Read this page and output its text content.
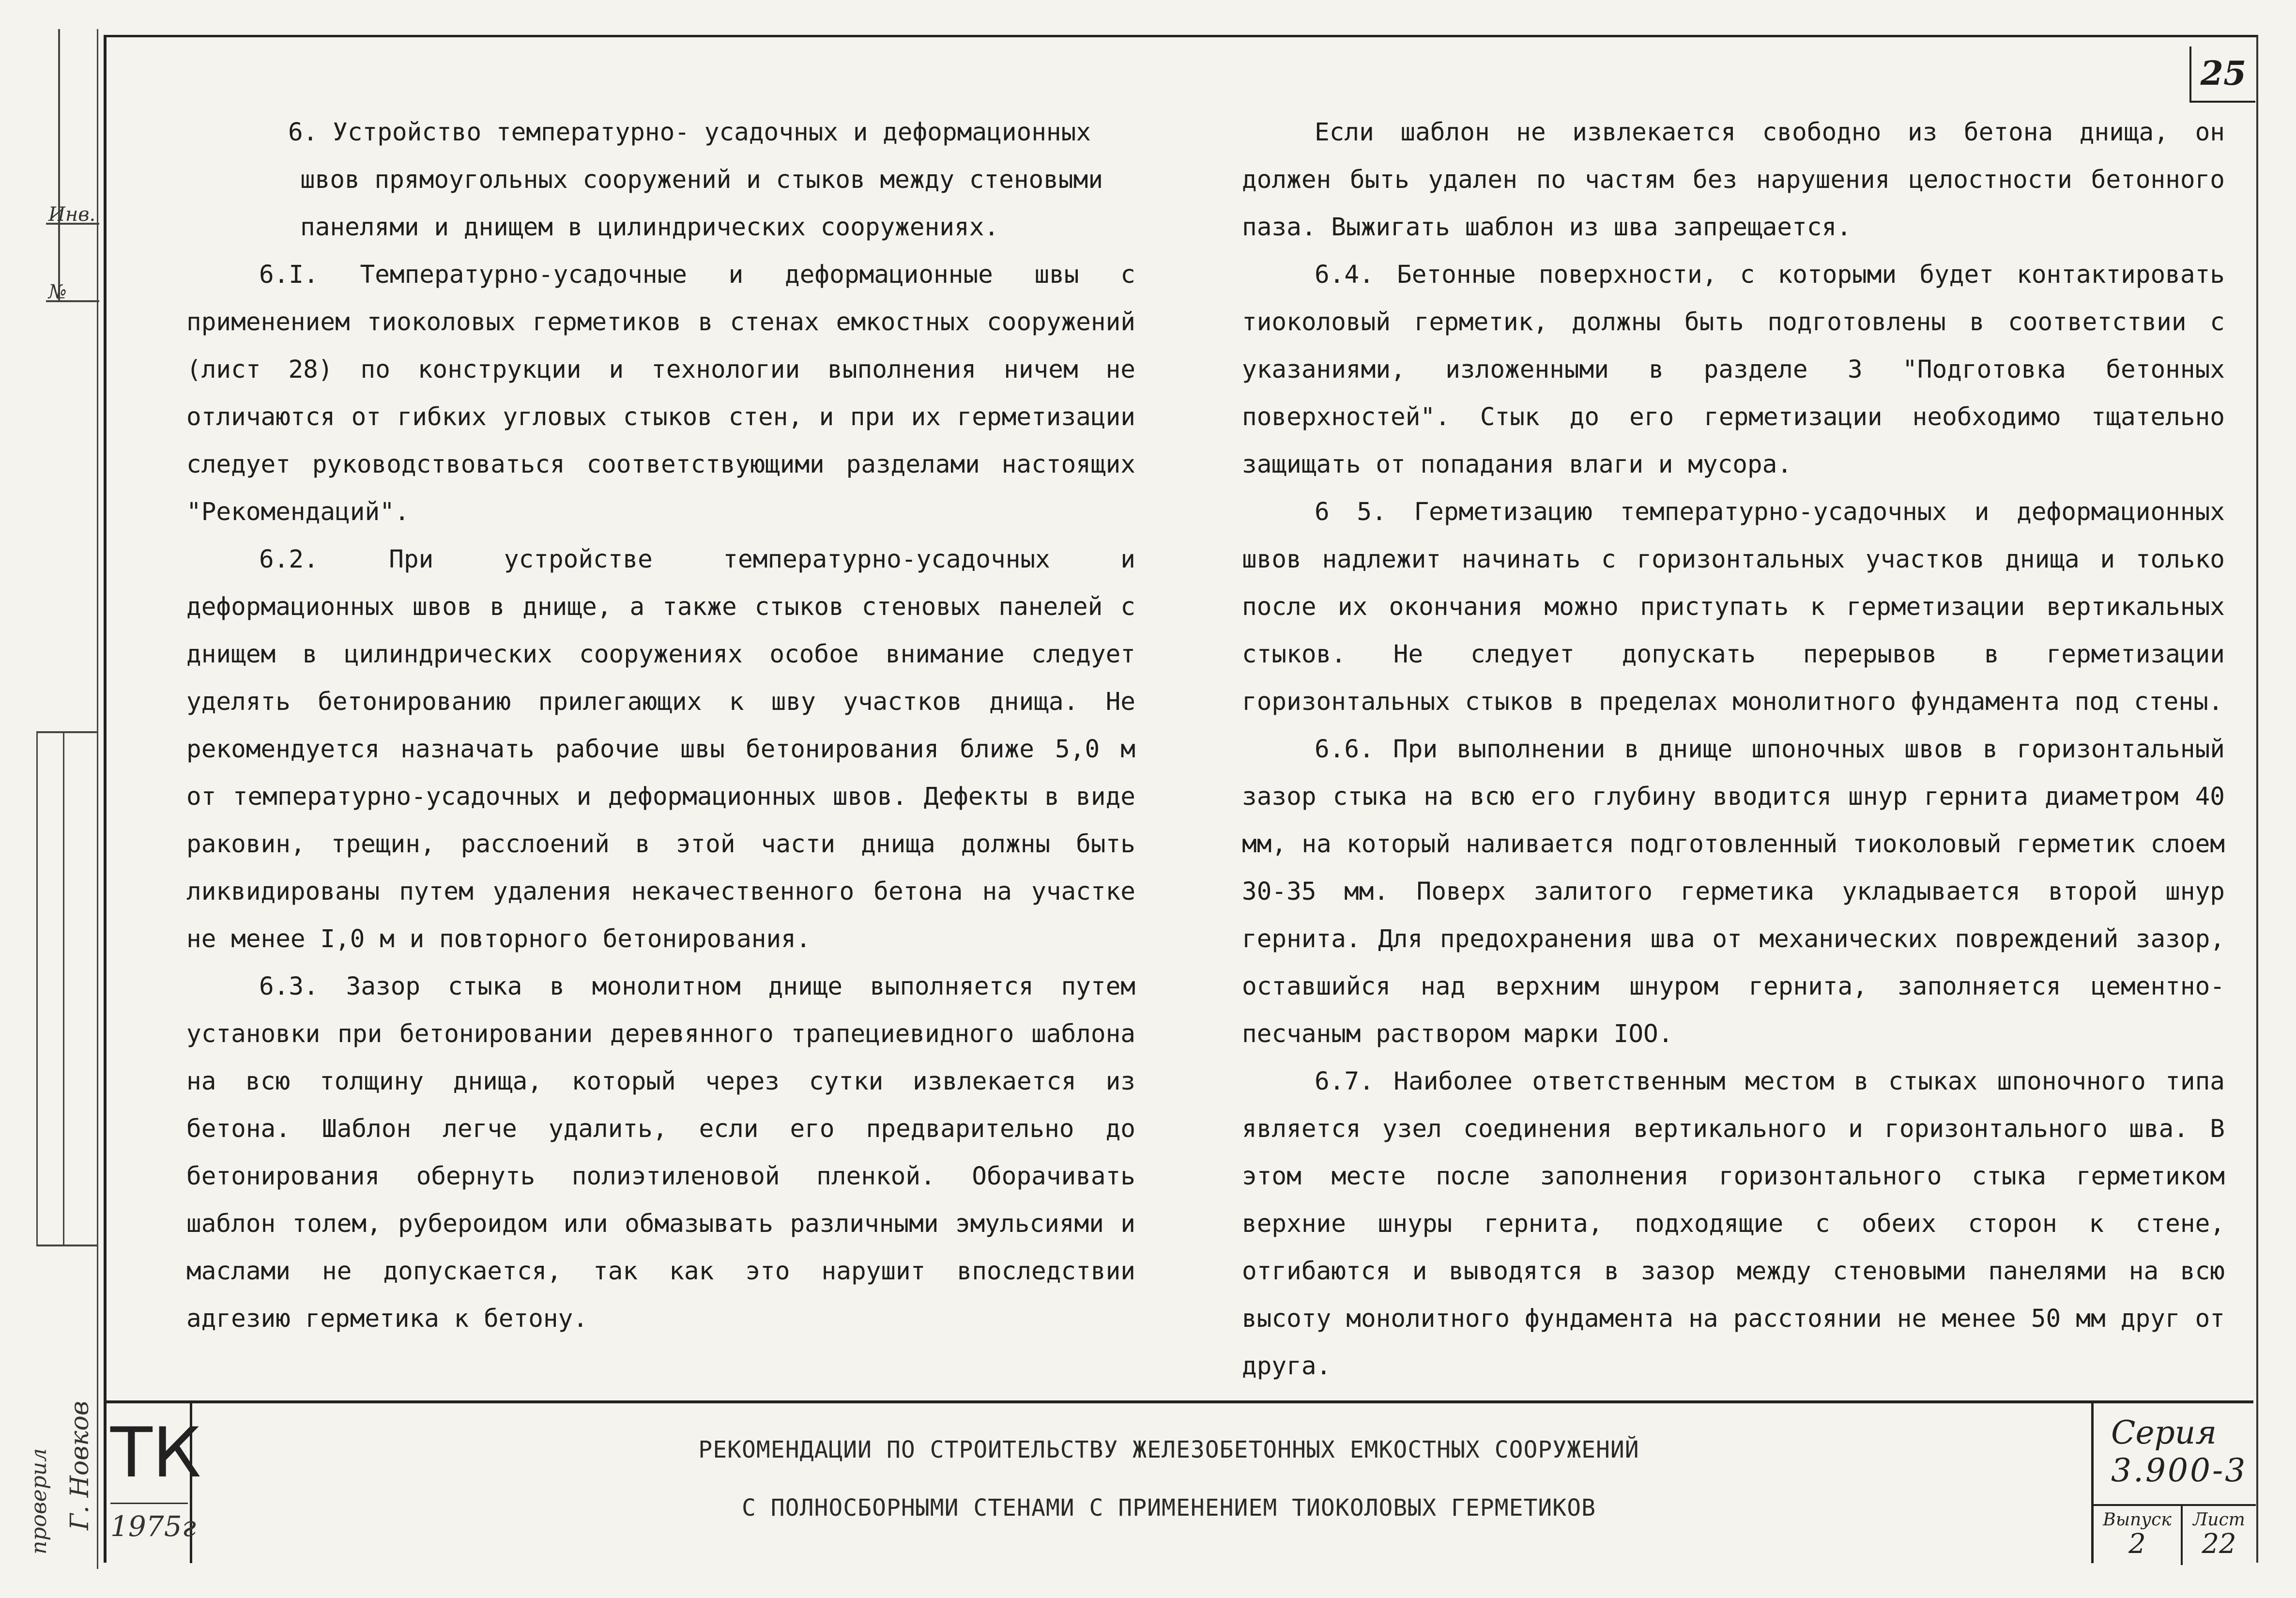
25

6. Устройство температурно- усадочных и деформационных швов прямоугольных сооружений и стыков между стеновыми панелями и днищем в цилиндрических сооружениях.

6.I. Температурно-усадочные и деформационные швы с применением тиоколовых герметиков в стенах емкостных сооружений (лист 28) по конструкции и технологии выполнения ничем не отличаются от гибких угловых стыков стен, и при их герметизации следует руководствоваться соответствующими разделами настоящих "Рекомендаций".

6.2. При устройстве температурно-усадочных и деформационных швов в днище, а также стыков стеновых панелей с днищем в цилиндрических сооружениях особое внимание следует уделять бетонированию прилегающих к шву участков днища. Не рекомендуется назначать рабочие швы бетонирования ближе 5,0 м от температурно-усадочных и деформационных швов. Дефекты в виде раковин, трещин, расслоений в этой части днища должны быть ликвидированы путем удаления некачественного бетона на участке не менее I,0 м и повторного бетонирования.

6.3. Зазор стыка в монолитном днище выполняется путем установки при бетонировании деревянного трапециевидного шаблона на всю толщину днища, который через сутки извлекается из бетона. Шаблон легче удалить, если его предварительно до бетонирования обернуть полиэтиленовой пленкой. Оборачивать шаблон толем, рубероидом или обмазывать различными эмульсиями и маслами не допускается, так как это нарушит впоследствии адгезию герметика к бетону.

Если шаблон не извлекается свободно из бетона днища, он должен быть удален по частям без нарушения целостности бетонного паза. Выжигать шаблон из шва запрещается.

6.4. Бетонные поверхности, с которыми будет контактировать тиоколовый герметик, должны быть подготовлены в соответствии с указаниями, изложенными в разделе 3 "Подготовка бетонных поверхностей". Стык до его герметизации необходимо тщательно защищать от попадания влаги и мусора.

6 5. Герметизацию температурно-усадочных и деформационных швов надлежит начинать с горизонтальных участков днища и только после их окончания можно приступать к герметизации вертикальных стыков. Не следует допускать перерывов в герметизации горизонтальных стыков в пределах монолитного фундамента под стены.

6.6. При выполнении в днище шпоночных швов в горизонтальный зазор стыка на всю его глубину вводится шнур гернита диаметром 40 мм, на который наливается подготовленный тиоколовый герметик слоем 30-35 мм. Поверх залитого герметика укладывается второй шнур гернита. Для предохранения шва от механических повреждений зазор, оставшийся над верхним шнуром гернита, заполняется цементно-песчаным раствором марки IOO.

6.7. Наиболее ответственным местом в стыках шпоночного типа является узел соединения вертикального и горизонтального шва. В этом месте после заполнения горизонтального стыка герметиком верхние шнуры гернита, подходящие с обеих сторон к стене, отгибаются и выводятся в зазор между стеновыми панелями на всю высоту монолитного фундамента на расстоянии не менее 50 мм друг от друга.

Инв.
№
проверил Г. Новков ТК
1975г
РЕКОМЕНДАЦИИ ПО СТРОИТЕЛЬСТВУ ЖЕЛЕЗОБЕТОННЫХ ЕМКОСТНЫХ СООРУЖЕНИЙ
С ПОЛНОСБОРНЫМИ СТЕНАМИ С ПРИМЕНЕНИЕМ ТИОКОЛОВЫХ ГЕРМЕТИКОВ
Серия
3.900-3
Выпуск
2
Лист
22
